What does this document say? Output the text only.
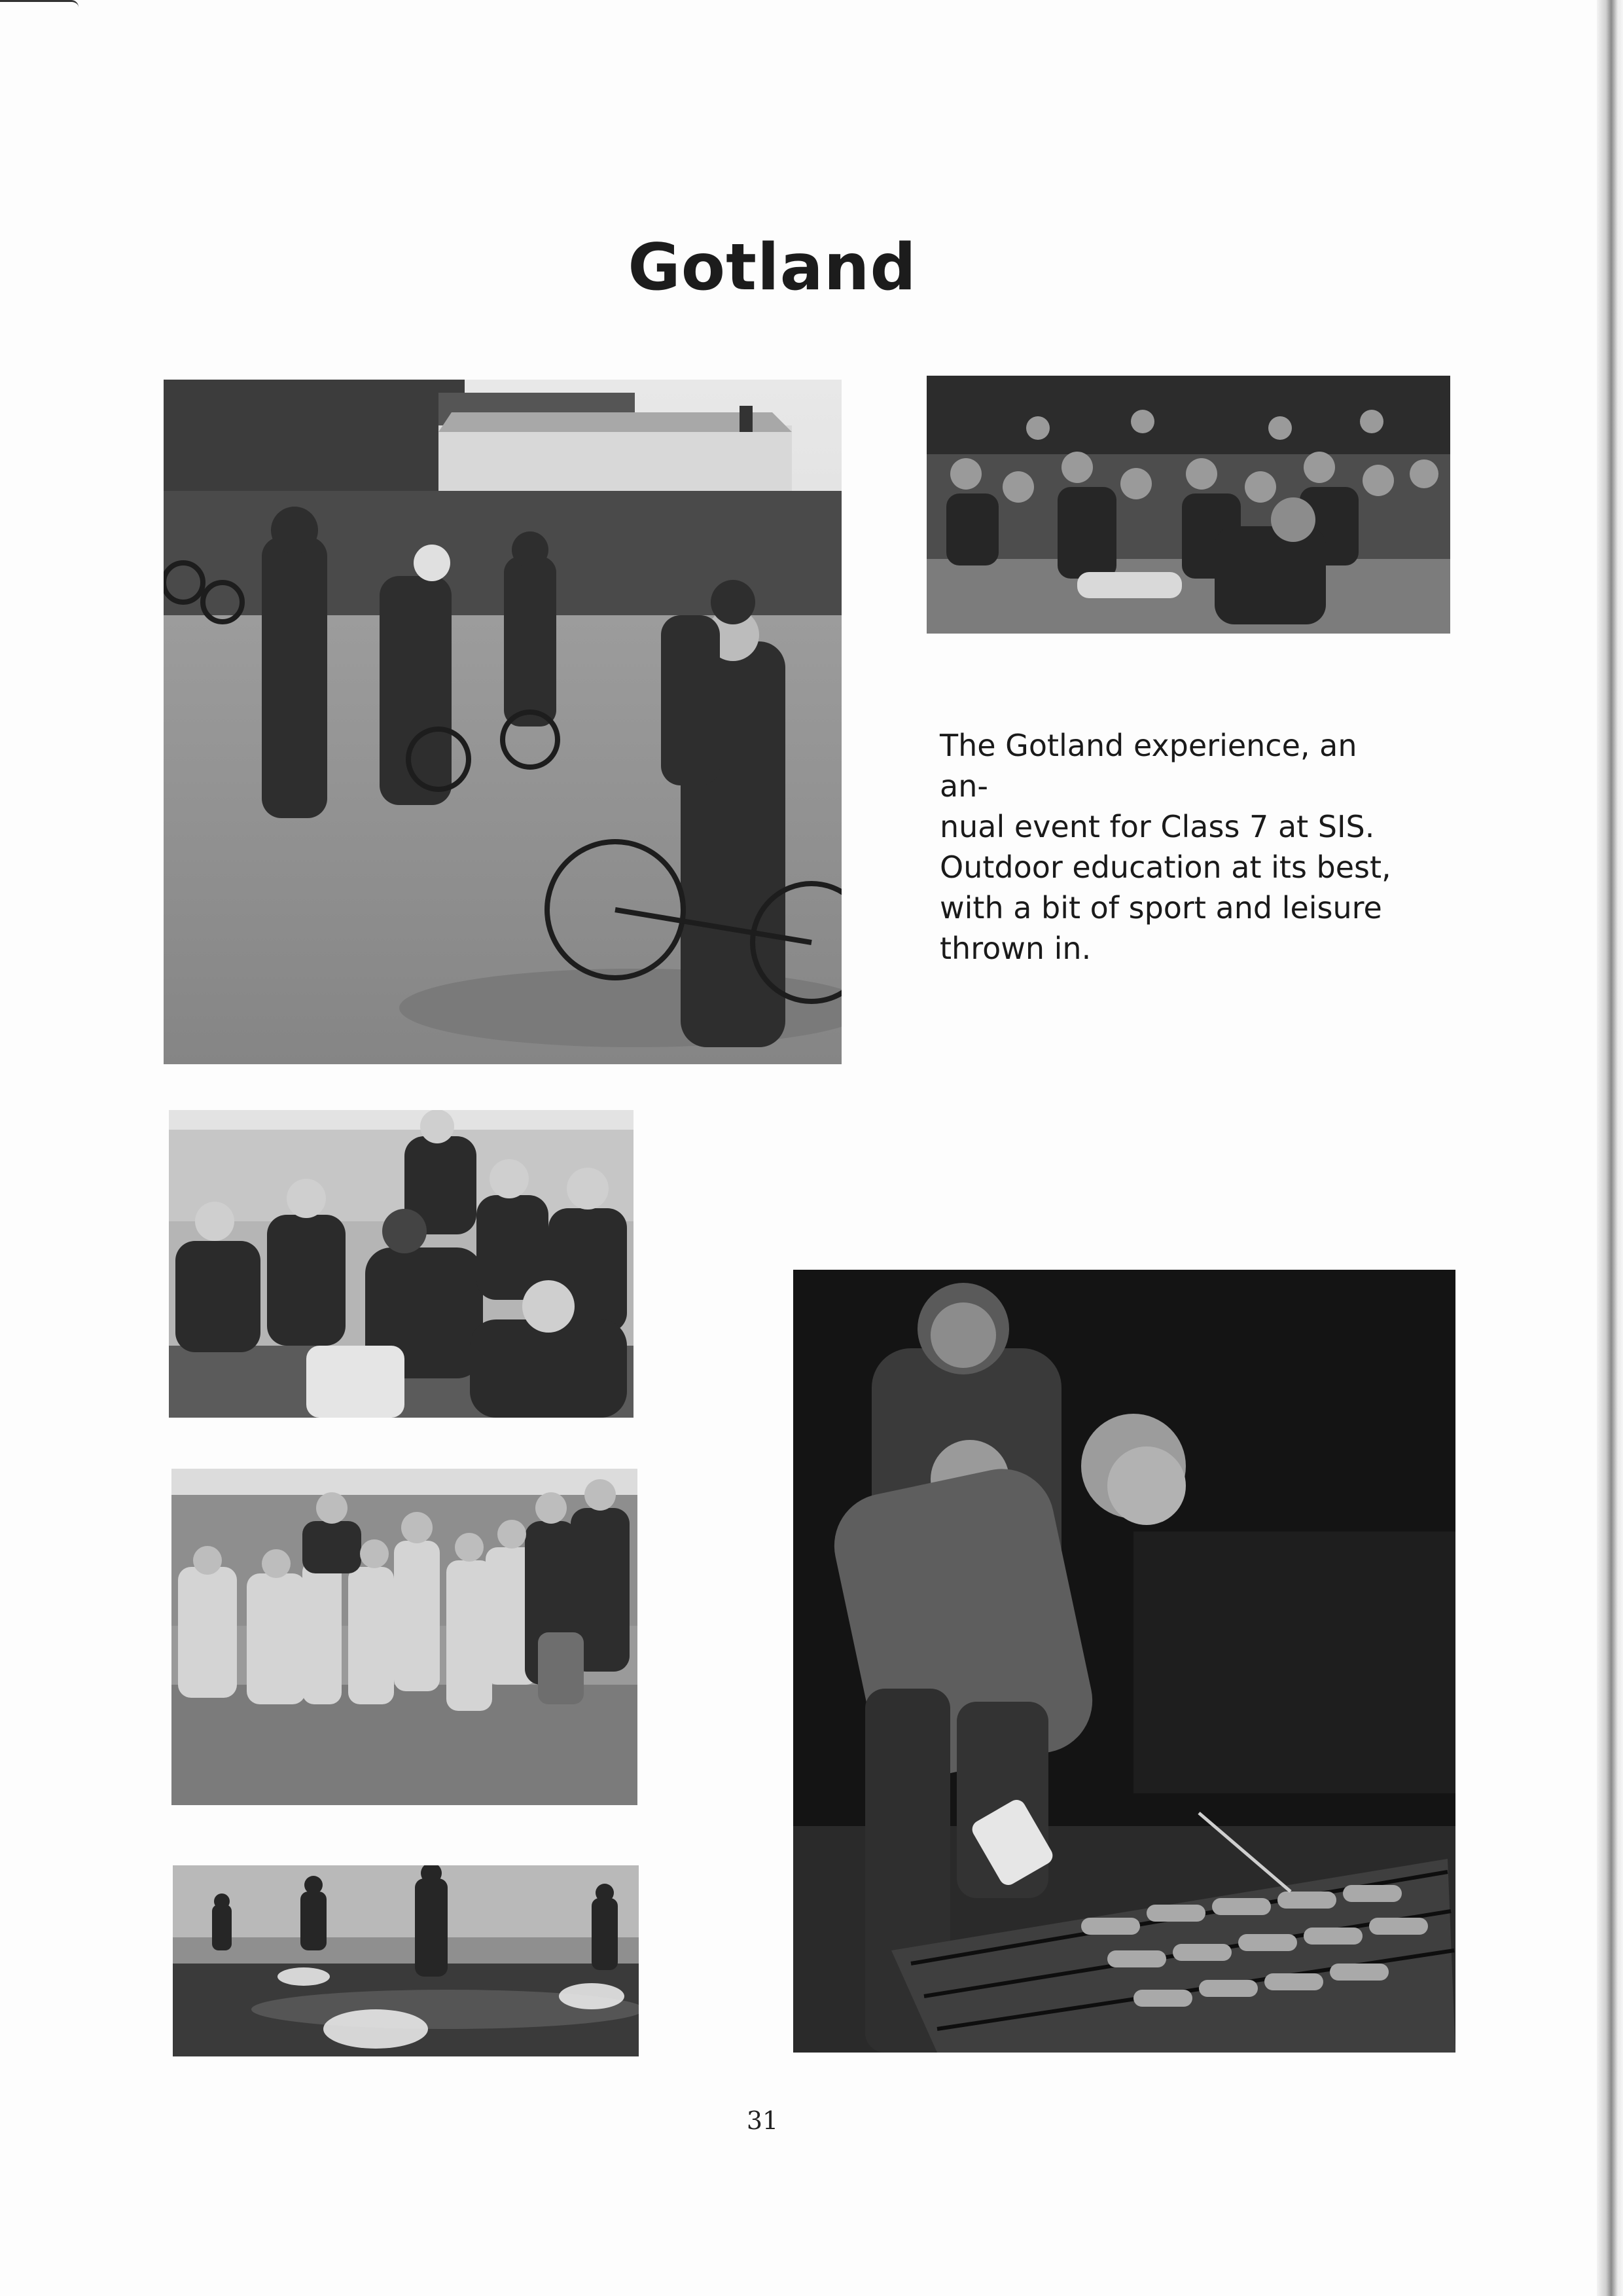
Gotland
The Gotland experience, an an-
nual event for Class 7 at SIS. Outdoor education at its best, with a bit of sport and leisure thrown in.
31
